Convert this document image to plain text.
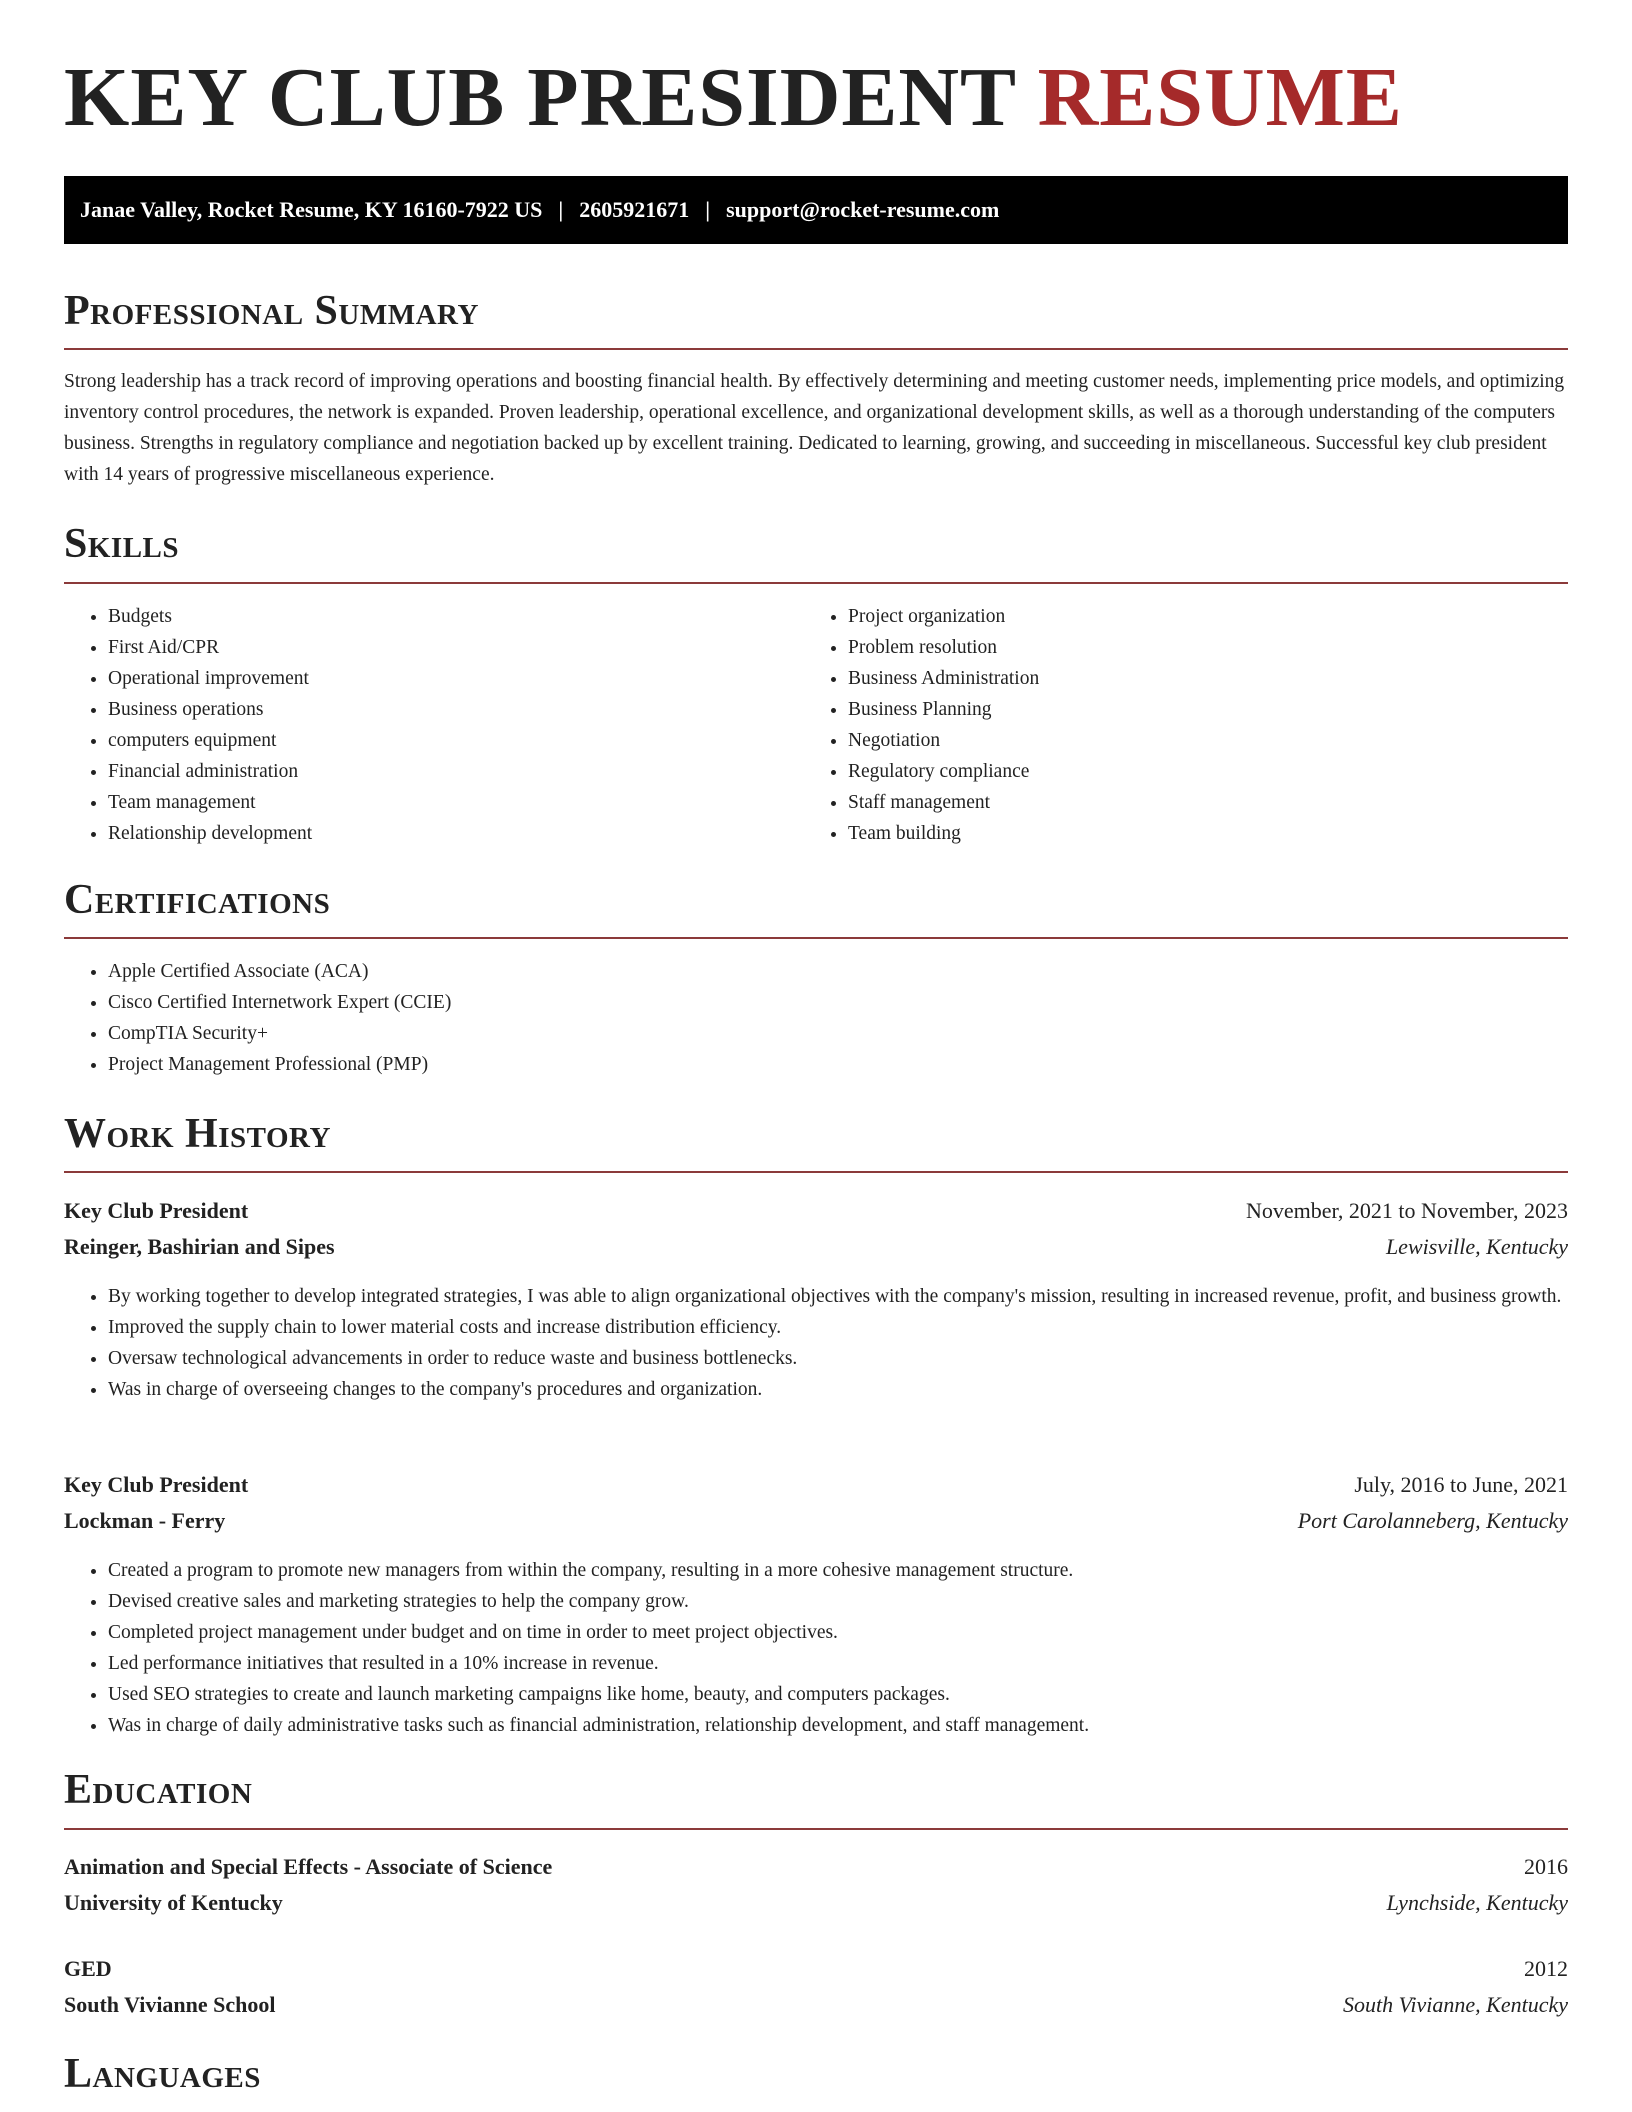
KEY CLUB PRESIDENT RESUME
Janae Valley, Rocket Resume, KY 16160-7922 US | 2605921671 | support@rocket-resume.com
Professional Summary

Strong leadership has a track record of improving operations and boosting financial health. By effectively determining and meeting customer needs, implementing price models, and optimizing inventory control procedures, the network is expanded. Proven leadership, operational excellence, and organizational development skills, as well as a thorough understanding of the computers business. Strengths in regulatory compliance and negotiation backed up by excellent training. Dedicated to learning, growing, and succeeding in miscellaneous. Successful key club president with 14 years of progressive miscellaneous experience.

Skills
• Budgets
• First Aid/CPR
• Operational improvement
• Business operations
• computers equipment
• Financial administration
• Team management
• Relationship development
• Project organization
• Problem resolution
• Business Administration
• Business Planning
• Negotiation
• Regulatory compliance
• Staff management
• Team building
Certifications
• Apple Certified Associate (ACA)
• Cisco Certified Internetwork Expert (CCIE)
• CompTIA Security+
• Project Management Professional (PMP)
Work History
Key Club President	November, 2021 to November, 2023
Reinger, Bashirian and Sipes	Lewisville, Kentucky
• By working together to develop integrated strategies, I was able to align organizational objectives with the company's mission, resulting in increased revenue, profit, and business growth.
• Improved the supply chain to lower material costs and increase distribution efficiency.
• Oversaw technological advancements in order to reduce waste and business bottlenecks.
• Was in charge of overseeing changes to the company's procedures and organization.
Key Club President	July, 2016 to June, 2021
Lockman - Ferry	Port Carolanneberg, Kentucky
• Created a program to promote new managers from within the company, resulting in a more cohesive management structure.
• Devised creative sales and marketing strategies to help the company grow.
• Completed project management under budget and on time in order to meet project objectives.
• Led performance initiatives that resulted in a 10% increase in revenue.
• Used SEO strategies to create and launch marketing campaigns like home, beauty, and computers packages.
• Was in charge of daily administrative tasks such as financial administration, relationship development, and staff management.
Education
Animation and Special Effects - Associate of Science	2016
University of Kentucky	Lynchside, Kentucky
GED	2012
South Vivianne School	South Vivianne, Kentucky
Languages
